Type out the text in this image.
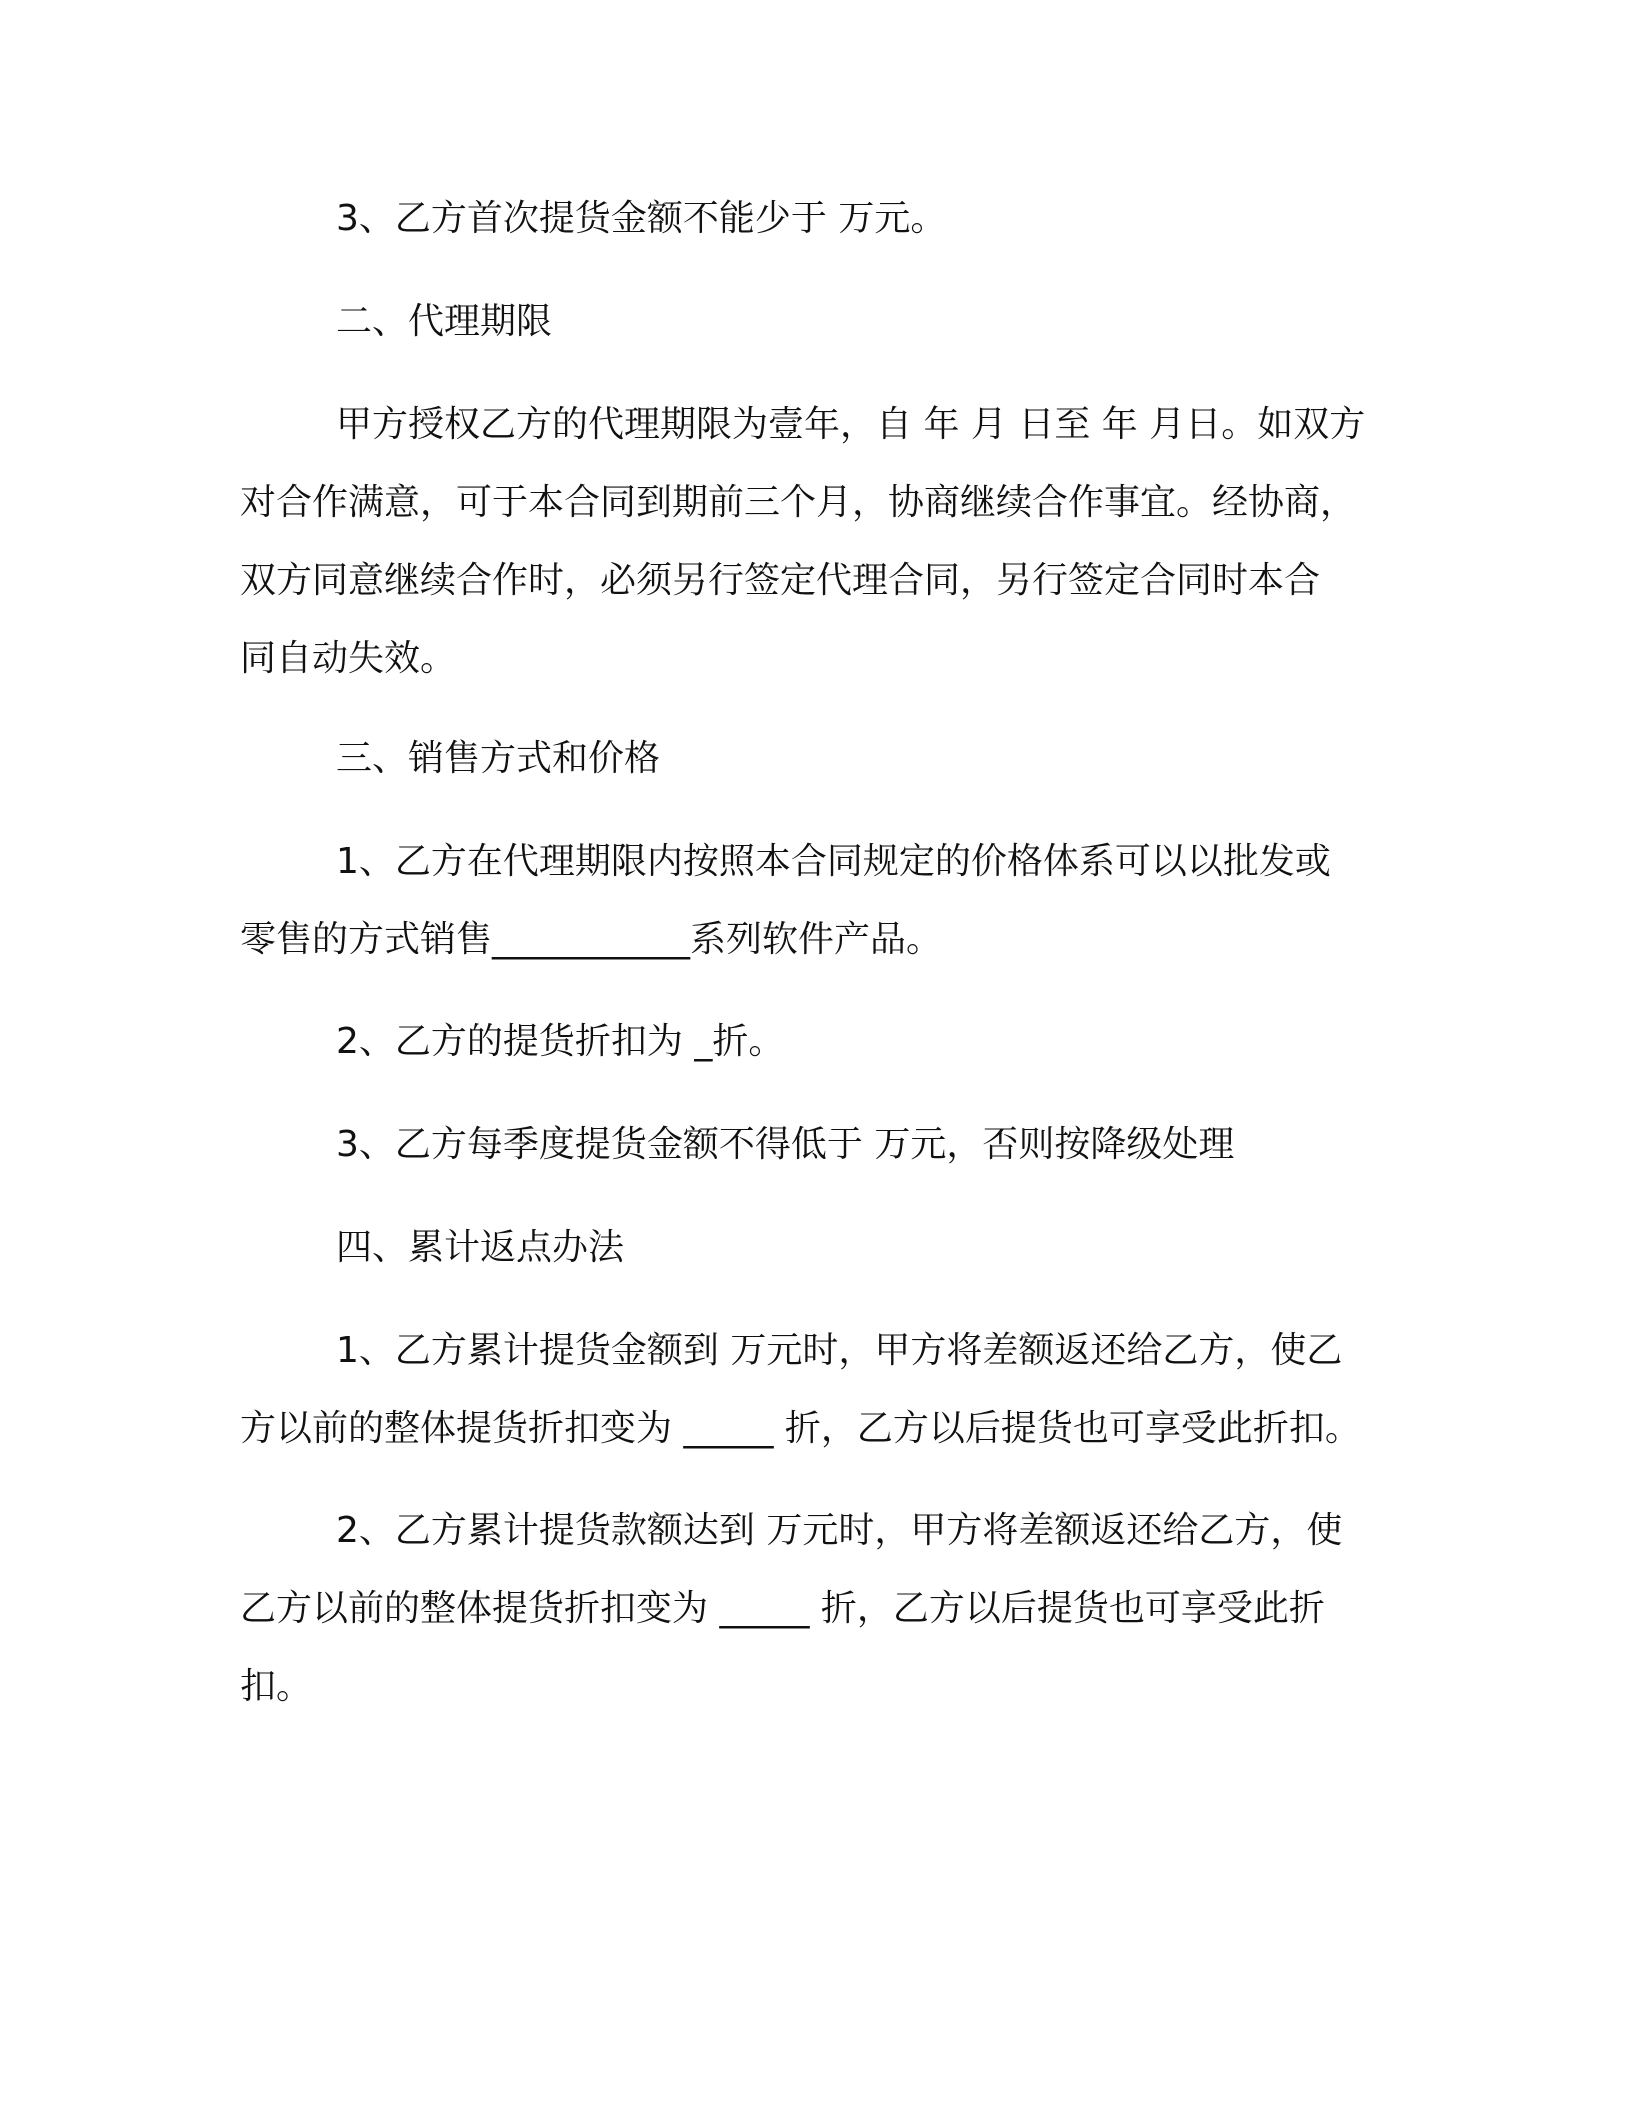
3、乙方首次提货金额不能少于 万元。

二、代理期限

甲方授权乙方的代理期限为壹年，自 年 月 日至 年 月日。如双方
对合作满意，可于本合同到期前三个月，协商继续合作事宜。经协商，
双方同意继续合作时，必须另行签定代理合同，另行签定合同时本合
同自动失效。

三、销售方式和价格

1、乙方在代理期限内按照本合同规定的价格体系可以以批发或
零售的方式销售___________系列软件产品。

2、乙方的提货折扣为 _折。

3、乙方每季度提货金额不得低于 万元，否则按降级处理

四、累计返点办法

1、乙方累计提货金额到 万元时，甲方将差额返还给乙方，使乙
方以前的整体提货折扣变为 _____ 折，乙方以后提货也可享受此折扣。

2、乙方累计提货款额达到 万元时，甲方将差额返还给乙方，使
乙方以前的整体提货折扣变为 _____ 折，乙方以后提货也可享受此折
扣。
